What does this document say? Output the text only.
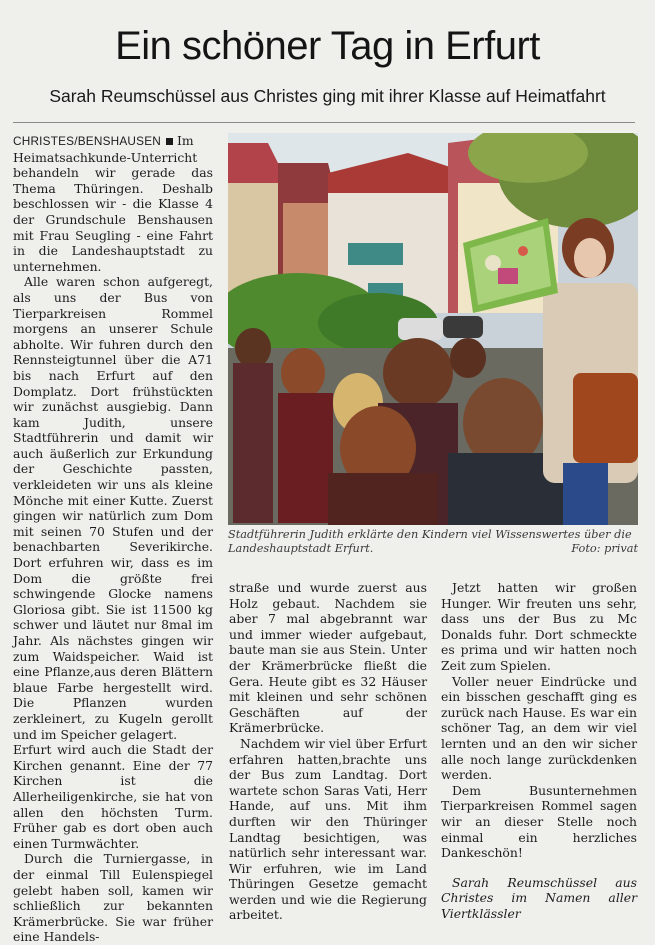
Ein schöner Tag in Erfurt
Sarah Reumschüssel aus Christes ging mit ihrer Klasse auf Heimatfahrt

CHRISTES/BENSHAUSEN Im Heimatsachkunde-Unterricht behandeln wir gerade das Thema Thüringen. Deshalb beschlossen wir - die Klasse 4 der Grundschule Benshausen mit Frau Seugling - eine Fahrt in die Landeshauptstadt zu unternehmen.

Alle waren schon aufgeregt, als uns der Bus von Tierparkreisen Rommel morgens an unserer Schule abholte. Wir fuhren durch den Rennsteigtunnel über die A71 bis nach Erfurt auf den Domplatz. Dort frühstückten wir zunächst ausgiebig. Dann kam Judith, unsere Stadtführerin und damit wir auch äußerlich zur Erkundung der Geschichte passten, verkleideten wir uns als kleine Mönche mit einer Kutte. Zuerst gingen wir natürlich zum Dom mit seinen 70 Stufen und der benachbarten Severikirche. Dort erfuhren wir, dass es im Dom die größte frei schwingende Glocke namens Gloriosa gibt. Sie ist 11500 kg schwer und läutet nur 8mal im Jahr. Als nächstes gingen wir zum Waidspeicher. Waid ist eine Pflanze,aus deren Blättern blaue Farbe hergestellt wird. Die Pflanzen wurden zerkleinert, zu Kugeln gerollt und im Speicher gelagert.

Erfurt wird auch die Stadt der Kirchen genannt. Eine der 77 Kirchen ist die Allerheiligenkirche, sie hat von allen den höchsten Turm. Früher gab es dort oben auch einen Turmwächter.

Durch die Turniergasse, in der einmal Till Eulenspiegel gelebt haben soll, kamen wir schließlich zur bekannten Krämerbrücke. Sie war früher eine Handels-

Stadtführerin Judith erklärte den Kindern viel Wissenswertes über die Landeshauptstadt Erfurt.	Foto: privat

straße und wurde zuerst aus Holz gebaut. Nachdem sie aber 7 mal abgebrannt war und immer wieder aufgebaut, baute man sie aus Stein. Unter der Krämerbrücke fließt die Gera. Heute gibt es 32 Häuser mit kleinen und sehr schönen Geschäften auf der Krämerbrücke.

Nachdem wir viel über Erfurt erfahren hatten,brachte uns der Bus zum Landtag. Dort wartete schon Saras Vati, Herr Hande, auf uns. Mit ihm durften wir den Thüringer Landtag besichtigen, was natürlich sehr interessant war. Wir erfuhren, wie im Land Thüringen Gesetze gemacht werden und wie die Regierung arbeitet.

Jetzt hatten wir großen Hunger. Wir freuten uns sehr, dass uns der Bus zu Mc Donalds fuhr. Dort schmeckte es prima und wir hatten noch Zeit zum Spielen.

Voller neuer Eindrücke und ein bisschen geschafft ging es zurück nach Hause. Es war ein schöner Tag, an dem wir viel lernten und an den wir sicher alle noch lange zurückdenken werden.

Dem Busunternehmen Tierparkreisen Rommel sagen wir an dieser Stelle noch einmal ein herzliches Dankeschön!

Sarah Reumschüssel aus Christes im Namen aller Viertklässler
